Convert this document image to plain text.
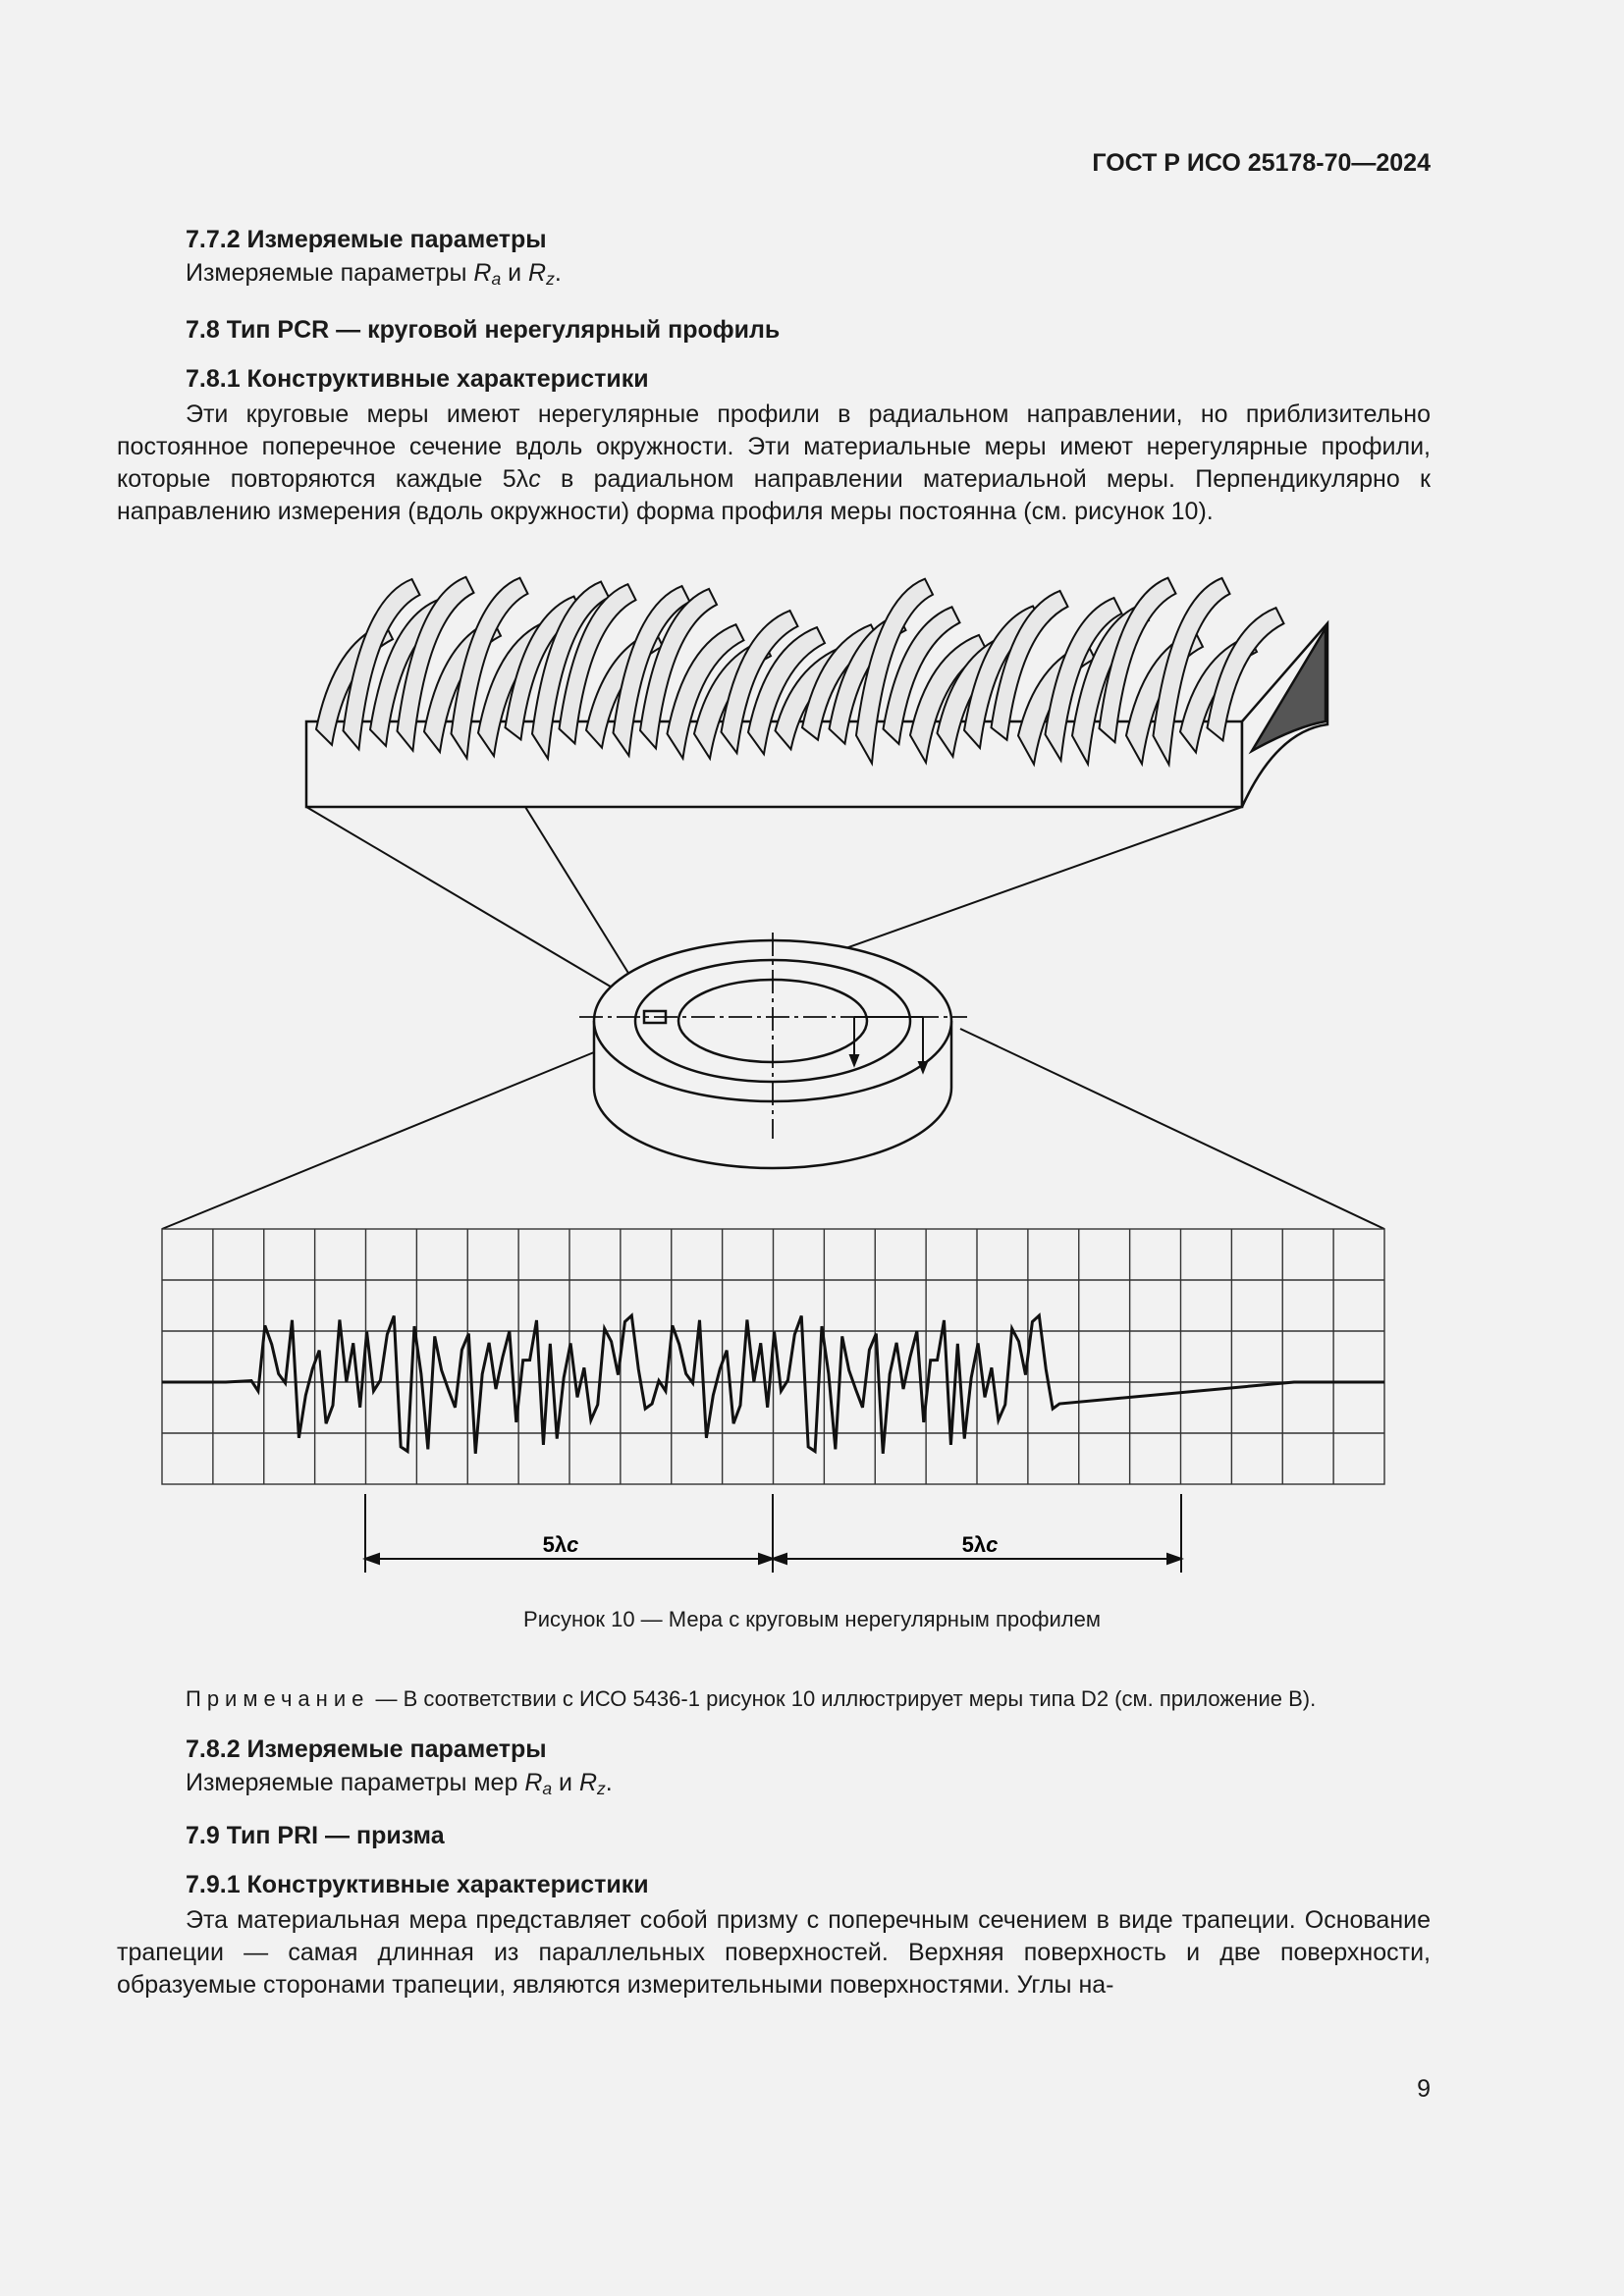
ГОСТ Р ИСО 25178-70—2024
7.7.2 Измеряемые параметры
Измеряемые параметры $R_a$ и $R_z$.
7.8 Тип PCR — круговой нерегулярный профиль
7.8.1 Конструктивные характеристики
Эти круговые меры имеют нерегулярные профили в радиальном направлении, но приблизительно постоянное поперечное сечение вдоль окружности. Эти материальные меры имеют нерегулярные профили, которые повторяются каждые 5λc в радиальном направлении материальной меры. Перпендикулярно к направлению измерения (вдоль окружности) форма профиля меры постоянна (см. рисунок 10).
5λc	5λc
Рисунок 10 — Мера с круговым нерегулярным профилем
Примечание — В соответствии с ИСО 5436-1 рисунок 10 иллюстрирует меры типа D2 (см. приложение В).
7.8.2 Измеряемые параметры
Измеряемые параметры мер $R_a$ и $R_z$.
7.9 Тип PRI — призма
7.9.1 Конструктивные характеристики
Эта материальная мера представляет собой призму с поперечным сечением в виде трапеции. Основание трапеции — самая длинная из параллельных поверхностей. Верхняя поверхность и две поверхности, образуемые сторонами трапеции, являются измерительными поверхностями. Углы на-
9
